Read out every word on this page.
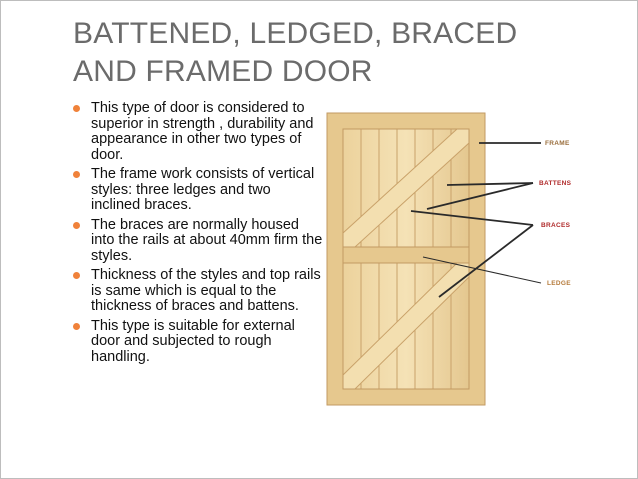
BATTENED, LEDGED, BRACED
AND FRAMED DOOR
This type of door is considered to superior in strength , durability and appearance in other two types of door.
The frame work consists of vertical styles: three ledges and two inclined braces.
The braces are normally housed into the rails at about 40mm firm the styles.
Thickness of the styles and top rails is same which is equal to the thickness of braces and battens.
This type is suitable for external door and subjected to rough handling.
FRAME
BATTENS
BRACES
LEDGE
